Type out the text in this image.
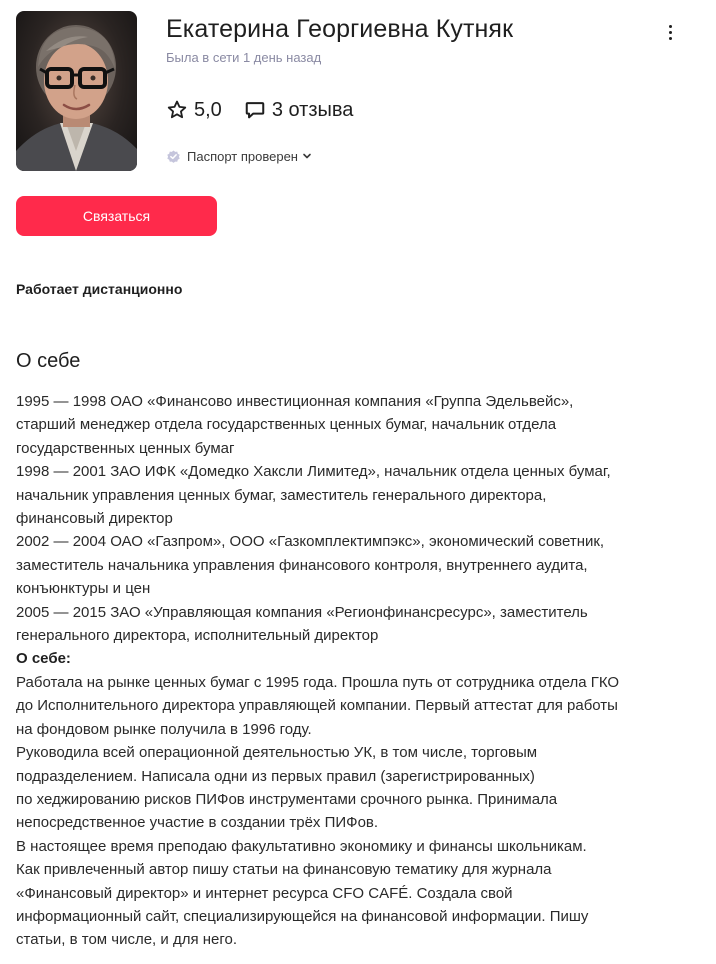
Екатерина Георгиевна Кутняк
Была в сети 1 день назад
5,0	3 отзыва
Паспорт проверен
Связаться
Работает дистанционно
О себе
1995 — 1998 ОАО «Финансово инвестиционная компания «Группа Эдельвейс»,
старший менеджер отдела государственных ценных бумаг, начальник отдела
государственных ценных бумаг
1998 — 2001 ЗАО ИФК «Домедко Хаксли Лимитед», начальник отдела ценных бумаг,
начальник управления ценных бумаг, заместитель генерального директора,
финансовый директор
2002 — 2004 ОАО «Газпром», ООО «Газкомплектимпэкс», экономический советник,
заместитель начальника управления финансового контроля, внутреннего аудита,
конъюнктуры и цен
2005 — 2015 ЗАО «Управляющая компания «Регионфинансресурс», заместитель
генерального директора, исполнительный директор
О себе:
Работала на рынке ценных бумаг с 1995 года. Прошла путь от сотрудника отдела ГКО
до Исполнительного директора управляющей компании. Первый аттестат для работы
на фондовом рынке получила в 1996 году.
Руководила всей операционной деятельностью УК, в том числе, торговым
подразделением. Написала одни из первых правил (зарегистрированных)
по хеджированию рисков ПИФов инструментами срочного рынка. Принимала
непосредственное участие в создании трёх ПИФов.
В настоящее время преподаю факультативно экономику и финансы школьникам.
Как привлеченный автор пишу статьи на финансовую тематику для журнала
«Финансовый директор» и интернет ресурса CFO CAFÉ. Создала свой
информационный сайт, специализирующейся на финансовой информации. Пишу
статьи, в том числе, и для него.
